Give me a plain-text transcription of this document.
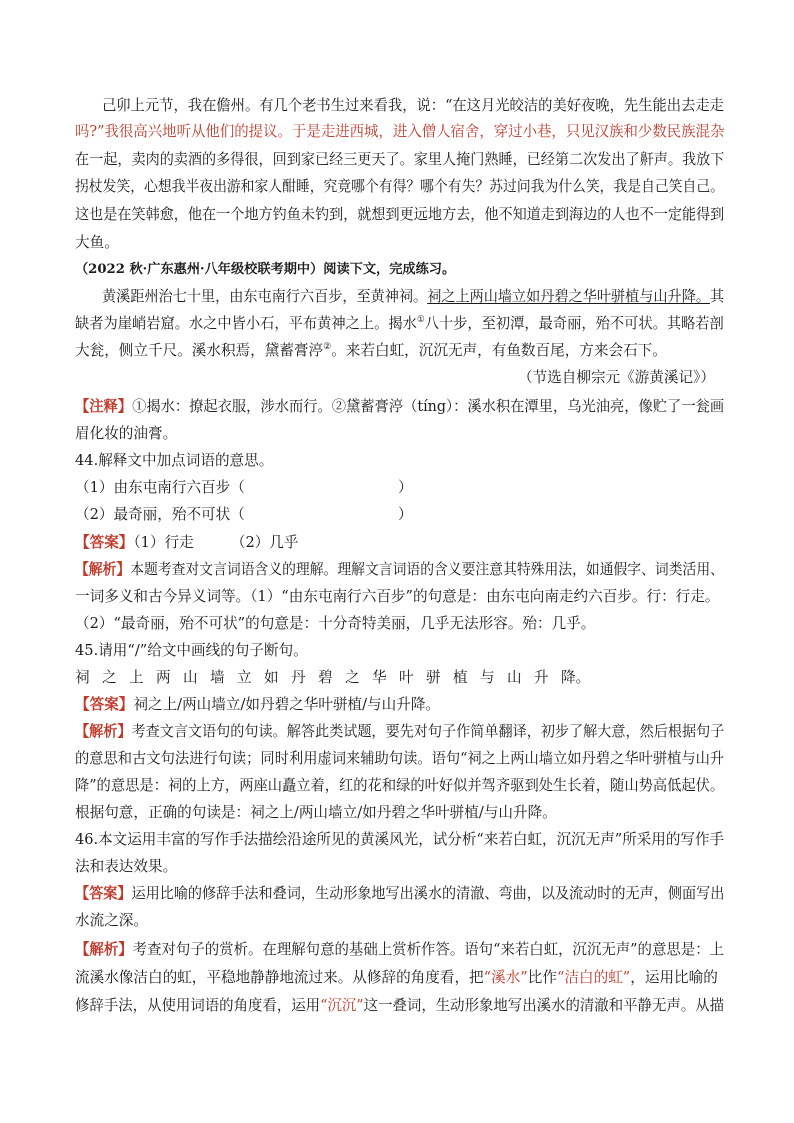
己卯上元节，我在儋州。有几个老书生过来看我，说：“在这月光皎洁的美好夜晚，先生能出去走走
吗?”我很高兴地听从他们的提议。于是走进西城，进入僧人宿舍，穿过小巷，只见汉族和少数民族混杂
在一起，卖肉的卖酒的多得很，回到家已经三更天了。家里人掩门熟睡，已经第二次发出了鼾声。我放下
拐杖发笑，心想我半夜出游和家人酣睡，究竟哪个有得？哪个有失？苏过问我为什么笑，我是自己笑自己。
这也是在笑韩愈，他在一个地方钓鱼未钓到，就想到更远地方去，他不知道走到海边的人也不一定能得到
大鱼。
（2022 秋·广东惠州·八年级校联考期中）阅读下文，完成练习。
黄溪距州治七十里，由东屯南行六百步，至黄神祠。祠之上两山墙立如丹碧之华叶骈植与山升降。其
缺者为崖峭岩窟。水之中皆小石，平布黄神之上。揭水①八十步，至初潭，最奇丽，殆不可状。其略若剖
大瓮，侧立千尺。溪水积焉，黛蓄膏渟②。来若白虹，沉沉无声，有鱼数百尾，方来会石下。
（节选自柳宗元《游黄溪记》）
【注释】①揭水：撩起衣服，涉水而行。②黛蓄膏渟（tíng）：溪水积在潭里，乌光油亮，像贮了一瓮画
眉化妆的油膏。
44.解释文中加点词语的意思。
（1）由东屯南行六百步（	）
（2）最奇丽，殆不可状（	）
【答案】（1）行走        （2）几乎
【解析】本题考查对文言词语含义的理解。理解文言词语的含义要注意其特殊用法，如通假字、词类活用、
一词多义和古今异义词等。（1）“由东屯南行六百步”的句意是：由东屯向南走约六百步。行：行走。
（2）“最奇丽，殆不可状”的句意是：十分奇特美丽，几乎无法形容。殆：几乎。
45.请用“/”给文中画线的句子断句。
祠 之 上 两 山 墙 立 如 丹 碧 之 华 叶 骈 植 与 山 升 降。
【答案】祠之上/两山墙立/如丹碧之华叶骈植/与山升降。
【解析】考查文言文语句的句读。解答此类试题，要先对句子作简单翻译，初步了解大意，然后根据句子
的意思和古文句法进行句读；同时利用虚词来辅助句读。语句“祠之上两山墙立如丹碧之华叶骈植与山升
降”的意思是：祠的上方，两座山矗立着，红的花和绿的叶好似并驾齐驱到处生长着，随山势高低起伏。
根据句意，正确的句读是：祠之上/两山墙立/如丹碧之华叶骈植/与山升降。
46.本文运用丰富的写作手法描绘沿途所见的黄溪风光，试分析“来若白虹，沉沉无声”所采用的写作手
法和表达效果。
【答案】运用比喻的修辞手法和叠词，生动形象地写出溪水的清澈、弯曲，以及流动时的无声，侧面写出
水流之深。
【解析】考查对句子的赏析。在理解句意的基础上赏析作答。语句“来若白虹，沉沉无声”的意思是：上
流溪水像洁白的虹，平稳地静静地流过来。从修辞的角度看，把“溪水”比作“洁白的虹”，运用比喻的
修辞手法，从使用词语的角度看，运用“沉沉”这一叠词，生动形象地写出溪水的清澈和平静无声。从描
